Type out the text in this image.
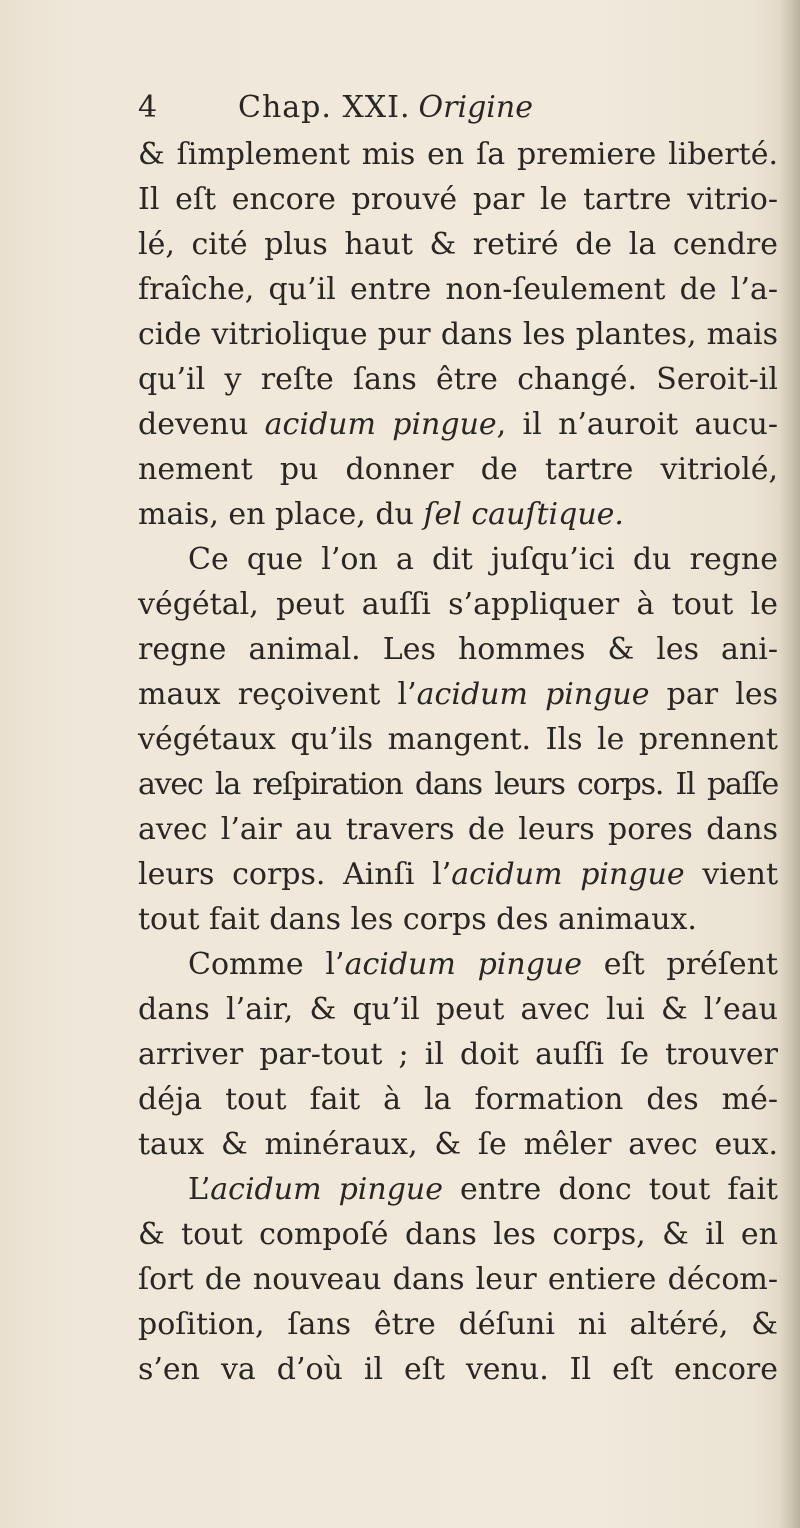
4	Chap. XXI. Origine
& ſimplement mis en ſa premiere liberté.
Il eſt encore prouvé par le tartre vitrio-
lé, cité plus haut & retiré de la cendre
fraîche, qu’il entre non-ſeulement de l’a-
cide vitriolique pur dans les plantes, mais
qu’il y reſte ſans être changé. Seroit-il
devenu acidum pingue, il n’auroit aucu-
nement pu donner de tartre vitriolé,
mais, en place, du ſel cauſtique.
Ce que l’on a dit juſqu’ici du regne
végétal, peut auſſi s’appliquer à tout le
regne animal. Les hommes & les ani-
maux reçoivent l’acidum pingue par les
végétaux qu’ils mangent. Ils le prennent
avec la reſpiration dans leurs corps. Il paſſe
avec l’air au travers de leurs pores dans
leurs corps. Ainſi l’acidum pingue vient
tout fait dans les corps des animaux.
Comme l’acidum pingue eſt préſent
dans l’air, & qu’il peut avec lui & l’eau
arriver par-tout ; il doit auſſi ſe trouver
déja tout fait à la formation des mé-
taux & minéraux, & ſe mêler avec eux.
L’acidum pingue entre donc tout fait
& tout compoſé dans les corps, & il en
ſort de nouveau dans leur entiere décom-
poſition, ſans être déſuni ni altéré, &
s’en va d’où il eſt venu. Il eſt encore
